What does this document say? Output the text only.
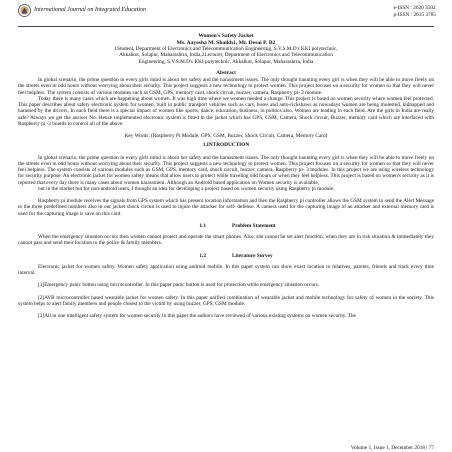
International Journal on Integrated Education	e-ISSN : 2620 3502
p-ISSN : 2615 3785
Women's Safety Jacket
Ms. Aayesha M. Shaikh1, Mr. Desai P. B2
1Student, Department of Electronics and Telecommunication Engineering, S.V.S.M.D's KKI polytechnic,
Akkalkot, Solapur, Maharashtra, India,2Lecturer, Department of Electronics and Telecommunication
Engineering, S.V.S.M.D's KKI polytechnic, Akkalkot, Solapur, Maharashtra, India
Abstract

In global scenario, the prime question in every girls mind is about her safety and the harassment issues. The only thought haunting every girl is when they will be able to move freely on the streets even in odd hours without worrying about their security. This project suggests a new technology to protect women. This project focuses on a security for women so that they will never feel helpless. The system consists of various modules such as GSM, GPS, memory card, shock circuit, buzzer, camera, Raspberry pi- 3 module.

Today there is many cases which are happening about women. It was high time where we women needed a change. This project is based on women security where women feel protected. This paper describes about safety electronic system for women, built in public transport vehicles such as cars, buses and auto-rickshaws as nowadays women are being molested, kidnapped and harassed by the drivers. In each field there is a special impact of women like sports, dance, education, business, in politics also. Women are leading in each field. Are the girls in India are really safe? Always we get the answer No. Hence implemented electronic system is fitted in the jacket which has GPS, GSM, Camera, Shock circuit, Buzzer, memory card which are interfaced with Raspberry pi -3 boards to control all of the above.

Key Words: (Raspberry Pi Module, GPS, GSM, Buzzer, Shock Circuit, Camera, Memory Card)
1.INTRODUCTION

In global scenario, the prime question in every girls mind is about her safety and the harassment issues. The only thought haunting every girl is when they will be able to move freely on the streets even in odd hours without worrying about their security. This project suggests a new technology to protect women. This project focuses on a security for women so that they will never feel helpless. The system consists of various modules such as GSM, GPS, memory card, shock circuit, buzzer, camera, Raspberry pi- 3 modules. In this project we are using wireless technology for security purpose. An electronic jacket for women safety means that allow users to protect while traveling odd hours or when they feel helpless. This project is based on women's security as it is reported that every day there is many cases about women harassment. Although an Android based application on Women security is available,

out in the market but for non-android users, I thought an idea for developing a project based on women security using Raspberry pi module.

Raspberry pi module receives the signals from GPS system which has present location information and then the Raspberry pi controller allows the GSM system to send the Alert Message to the three predefined numbers also in our jacket shock circuit is used to injure the attacker for self- defense. A camera used for the capturing image of an attacker and external memory card is used for the capturing image is save on this card.

1.1	Problem Statement

When the emergency situation occurs then women cannot protect and operate the smart phones. Also, she cannot be set alert function, when they are in risk situation & immediately they cannot pass and send their location to the police & family members.

1.2	Literature Survey

Electronic jacket for women safety. Women safety application using android mobile. In this paper system can show exact location to relatives, parents, friends and track every time interval.

[1]Emergency panic button using microcontroller. In this paper panic button is used for protection while emergency situation occurs.

[2]AVR microcontroller based wearable jacket for women safety. In this paper unified combination of wearable jacket and mobile technology for safety of women in the society. This system helps to alert family members and people closest to the victim by using buzzer, GPS, GSM module.

[3]All in one intelligent safety system for women security in this paper the authors have reviewed of various existing systems on women security. The

Volume 1, Issue 1, December 2018 | 77
